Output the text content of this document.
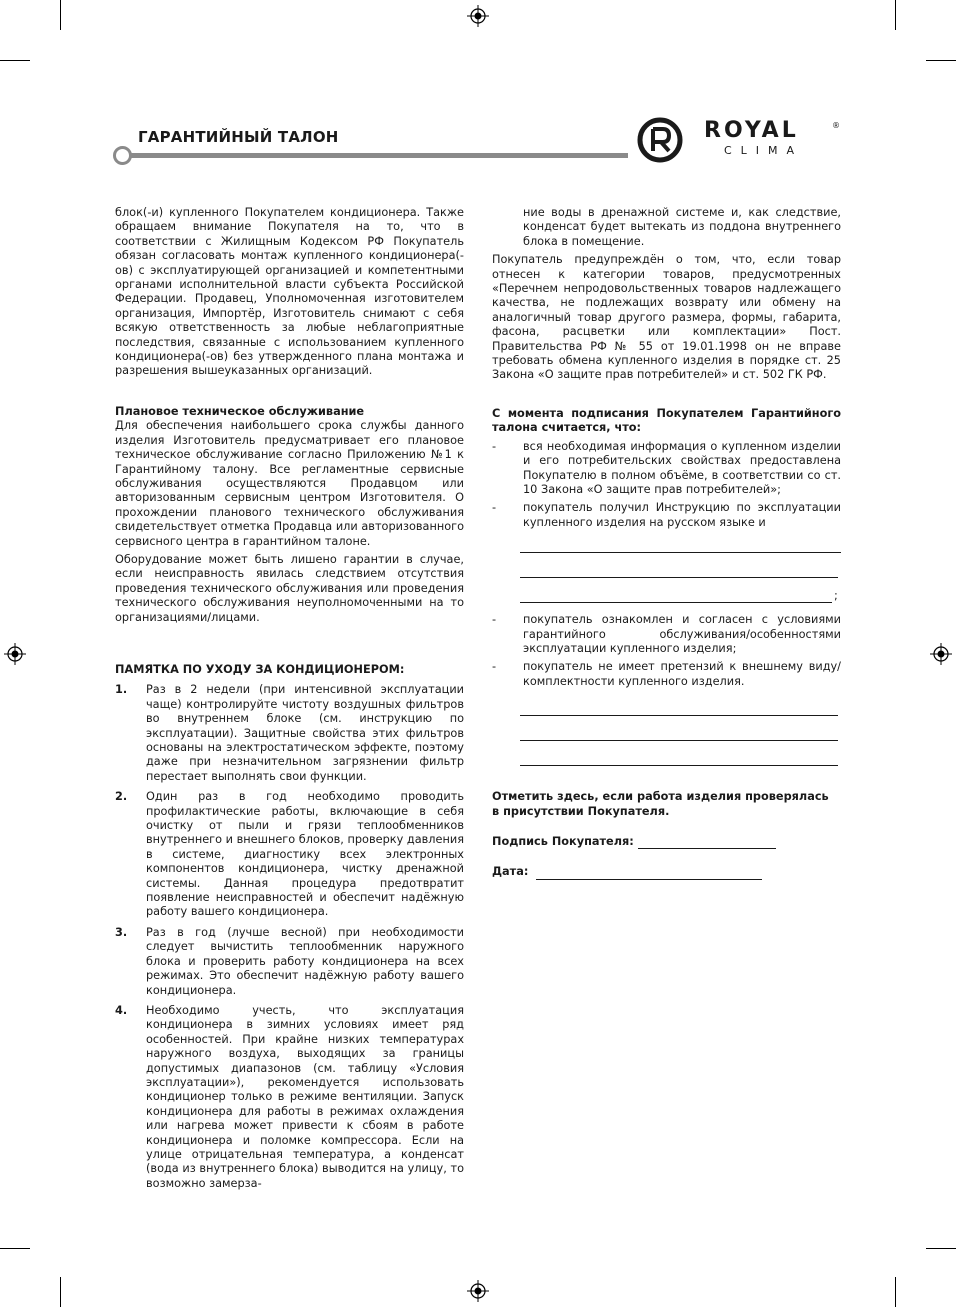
ГАРАНТИЙНЫЙ ТАЛОН	ROYAL	®
CLIMA

блок(-и) купленного Покупателем кондиционера. Также обращаем внимание Покупателя на то, что в соответствии с Жилищным Кодексом РФ Покупатель обязан согласовать монтаж купленного кондиционера(-ов) с эксплуатирующей организацией и компетентными органами исполнительной власти субъекта Российской Федерации. Продавец, Уполномоченная изготовителем организация, Импортёр, Изготовитель снимают с себя всякую ответственность за любые неблагоприятные последствия, связанные с использованием купленного кондиционера(-ов) без утвержденного плана монтажа и разрешения вышеуказанных организаций.

Плановое техническое обслуживание

Для обеспечения наибольшего срока службы данного изделия Изготовитель предусматривает его плановое техническое обслуживание согласно Приложению №1 к Гарантийному талону. Все регламентные сервисные обслуживания осуществляются Продавцом или авторизованным сервисным центром Изготовителя. О прохождении планового технического обслуживания свидетельствует отметка Продавца или авторизованного сервисного центра в гарантийном талоне.

Оборудование может быть лишено гарантии в случае, если неисправность явилась следствием отсутствия проведения технического обслуживания или проведения технического обслуживания неуполномоченными на то организациями/лицами.

ПАМЯТКА ПО УХОДУ ЗА КОНДИЦИОНЕРОМ:

1. Раз в 2 недели (при интенсивной эксплуатации чаще) контролируйте чистоту воздушных фильтров во внутреннем блоке (см. инструкцию по эксплуатации). Защитные свойства этих фильтров основаны на электростатическом эффекте, поэтому даже при незначительном загрязнении фильтр перестает выполнять свои функции.
2. Один раз в год необходимо проводить профилактические работы, включающие в себя очистку от пыли и грязи теплообменников внутреннего и внешнего блоков, проверку давления в системе, диагностику всех электронных компонентов кондиционера, чистку дренажной системы. Данная процедура предотвратит появление неисправностей и обеспечит надёжную работу вашего кондиционера.
3. Раз в год (лучше весной) при необходимости следует вычистить теплообменник наружного блока и проверить работу кондиционера на всех режимах. Это обеспечит надёжную работу вашего кондиционера.
4. Необходимо учесть, что эксплуатация кондиционера в зимних условиях имеет ряд особенностей. При крайне низких температурах наружного воздуха, выходящих за границы допустимых диапазонов (см. таблицу «Условия эксплуатации»), рекомендуется использовать кондиционер только в режиме вентиляции. Запуск кондиционера для работы в режимах охлаждения или нагрева может привести к сбоям в работе кондиционера и поломке компрессора. Если на улице отрицательная температура, а конденсат (вода из внутреннего блока) выводится на улицу, то возможно замерза-

ние воды в дренажной системе и, как следствие, конденсат будет вытекать из поддона внутреннего блока в помещение.

Покупатель предупреждён о том, что, если товар отнесен к категории товаров, предусмотренных «Перечнем непродовольственных товаров надлежащего качества, не подлежащих возврату или обмену на аналогичный товар другого размера, формы, габарита, фасона, расцветки или комплектации» Пост. Правительства РФ № 55 от 19.01.1998 он не вправе требовать обмена купленного изделия в порядке ст. 25 Закона «О защите прав потребителей» и ст. 502 ГК РФ.

С момента подписания Покупателем Гарантийного талона считается, что:

- вся необходимая информация о купленном изделии и его потребительских свойствах предоставлена Покупателю в полном объёме, в соответствии со ст. 10 Закона «О защите прав потребителей»;
- покупатель получил Инструкцию по эксплуатации купленного изделия на русском языке и
;
- покупатель ознакомлен и согласен с условиями гарантийного обслуживания/особенностями эксплуатации купленного изделия;
- покупатель не имеет претензий к внешнему виду/комплектности купленного изделия.

Отметить здесь, если работа изделия проверялась в присутствии Покупателя.

Подпись Покупателя:
Дата:
